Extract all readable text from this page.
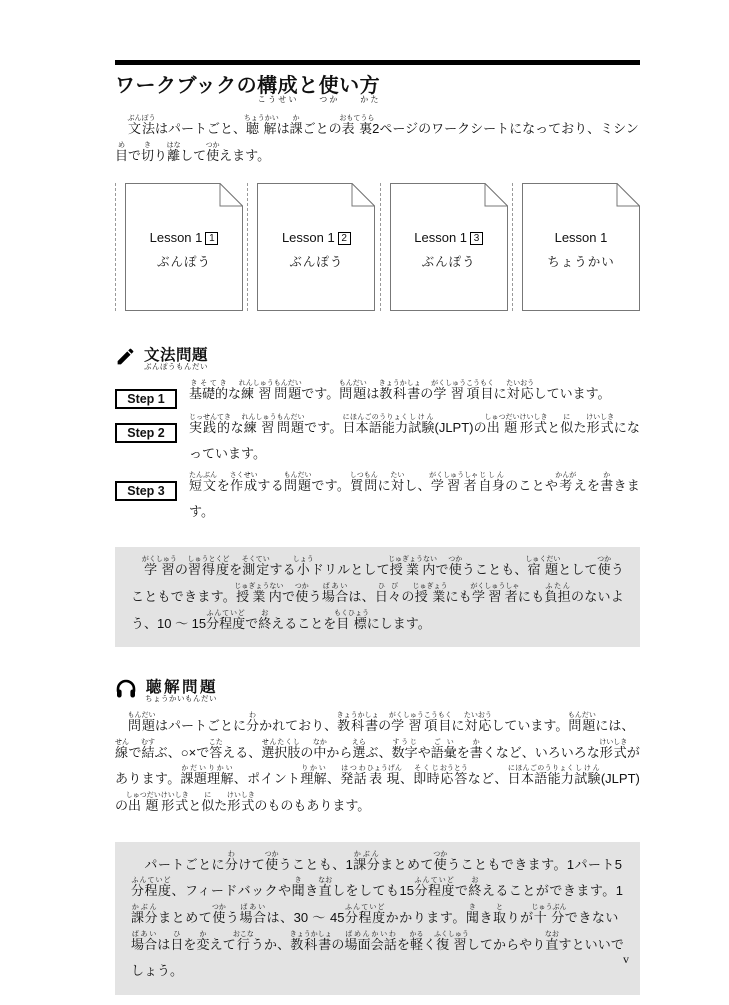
ワークブックの構成こうせいと使つかい方かた

　文法ぶんぽうはパートごと、聴解ちょうかいは課かごとの表裏おもてうら2ページのワークシートになっており、ミシン目めで切きり離はなして使つかえます。

Lesson 1 1
ぶんぽう
Lesson 1 2
ぶんぽう
Lesson 1 3
ぶんぽう
Lesson 1
ちょうかい
文法問題ぶんぽうもんだい
Step 1	基礎的きそてきな練習れんしゅう問題もんだいです。問題もんだいは教科書きょうかしょの学習がくしゅう項目こうもくに対応たいおうしています。

Step 2	実践的じっせんてきな練習れんしゅう問題もんだいです。日本語能力にほんごのうりょく試験しけん(JLPT)の出題しゅつだい形式けいしきと似にた形式けいしきになっています。

Step 3	短文たんぶんを作成さくせいする問題もんだいです。質問しつもんに対たいし、学習者がくしゅうしゃ自身じしんのことや考かんがえを書かきます。

　学習がくしゅうの習得度しゅうとくどを測定そくていする小しょうドリルとして授業内じゅぎょうないで使つかうことも、宿題しゅくだいとして使つかうこともできます。授業内じゅぎょうないで使つかう場合ばあいは、日々ひびの授業じゅぎょうにも学習者がくしゅうしゃにも負担ふたんのないよう、10 〜 15分程度ふんていどで終おえることを目標もくひょうにします。
聴解問題ちょうかいもんだい

　問題もんだいはパートごとに分わかれており、教科書きょうかしょの学習がくしゅう項目こうもくに対応たいおうしています。問題もんだいには、線せんで結むすぶ、○×で答こたえる、選択肢せんたくしの中なかから選えらぶ、数字すうじや語彙ごいを書かくなど、いろいろな形式けいしきがあります。課題かだい理解りかい、ポイント理解りかい、発話はつわ表現ひょうげん、即時そくじ応答おうとうなど、日本語能力にほんごのうりょく試験しけん(JLPT)の出題しゅつだい形式けいしきと似にた形式けいしきのものもあります。

　パートごとに分わけて使つかうことも、1課分かぶんまとめて使つかうこともできます。1パート5分程度ふんていど、フィードバックや聞きき直なおしをしても15分程度ふんていどで終おえることができます。1課分かぶんまとめて使つかう場合ばあいは、30 〜 45分程度ふんていどかかります。聞きき取とりが十分じゅうぶんできない場合ばあいは日ひを変かえて行おこなうか、教科書きょうかしょの場面ばめん会話かいわを軽かるく復習ふくしゅうしてからやり直なおすといいでしょう。
v
